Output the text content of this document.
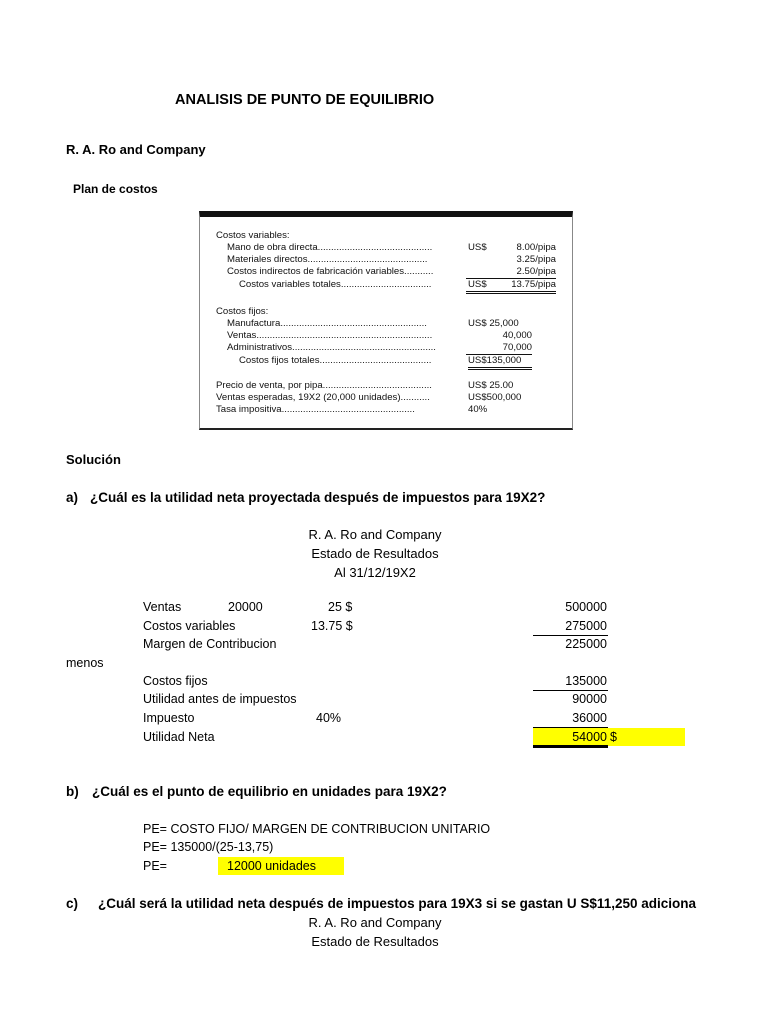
ANALISIS DE PUNTO DE EQUILIBRIO
R. A. Ro and Company
Plan de costos
Costos variables:
Mano de obra directa...........................................	US$	8.00/pipa
Materiales directos.............................................	3.25/pipa
Costos indirectos de fabricación variables...........	2.50/pipa
Costos variables totales..................................	US$	13.75/pipa
Costos fijos:
Manufactura.......................................................	US$ 25,000
Ventas..................................................................	40,000
Administrativos......................................................	70,000
Costos fijos totales..........................................	US$135,000
Precio de venta, por pipa.........................................	US$ 25.00
Ventas esperadas, 19X2 (20,000 unidades)...........	US$500,000
Tasa impositiva..................................................	40%
Solución
a) ¿Cuál es la utilidad neta proyectada después de impuestos para 19X2?
R. A. Ro and Company
Estado de Resultados
Al 31/12/19X2
Ventas	20000	25 $	500000
Costos variables	13.75 $	275000
Margen de Contribucion	225000
menos
Costos fijos	135000
Utilidad antes de impuestos	90000
Impuesto	40%	36000
Utilidad Neta	54000 $
b) ¿Cuál es el punto de equilibrio en unidades para 19X2?
PE= COSTO FIJO/ MARGEN DE CONTRIBUCION UNITARIO
PE= 135000/(25-13,75)
PE=	12000 unidades
c) ¿Cuál será la utilidad neta después de impuestos para 19X3 si se gastan U S$11,250 adiciona
R. A. Ro and Company
Estado de Resultados
